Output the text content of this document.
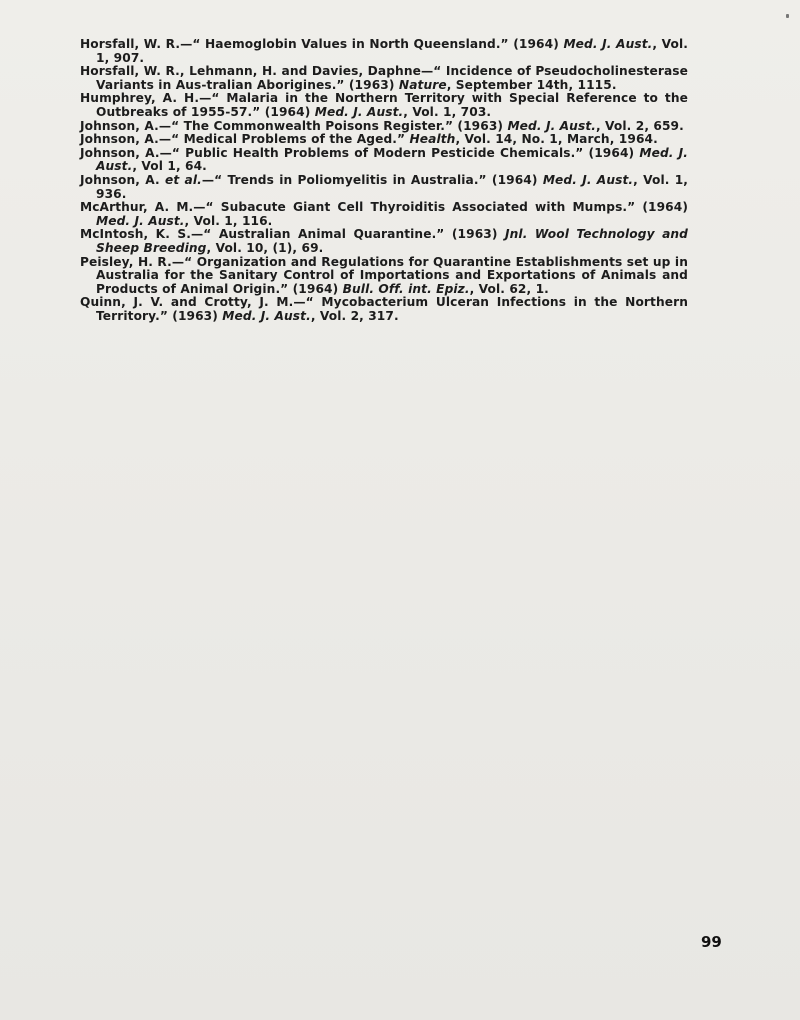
Horsfall, W. R.—“ Haemoglobin Values in North Queensland.” (1964) Med. J. Aust., Vol. 1, 907.
Horsfall, W. R., Lehmann, H. and Davies, Daphne—“ Incidence of Pseudocholinesterase Variants in Aus-tralian Aborigines.” (1963) Nature, September 14th, 1115.
Humphrey, A. H.—“ Malaria in the Northern Territory with Special Reference to the Outbreaks of 1955-57.” (1964) Med. J. Aust., Vol. 1, 703.
Johnson, A.—“ The Commonwealth Poisons Register.” (1963) Med. J. Aust., Vol. 2, 659.
Johnson, A.—“ Medical Problems of the Aged.” Health, Vol. 14, No. 1, March, 1964.
Johnson, A.—“ Public Health Problems of Modern Pesticide Chemicals.” (1964) Med. J. Aust., Vol 1, 64.
Johnson, A. et al.—“ Trends in Poliomyelitis in Australia.” (1964) Med. J. Aust., Vol. 1, 936.
McArthur, A. M.—“ Subacute Giant Cell Thyroiditis Associated with Mumps.” (1964) Med. J. Aust., Vol. 1, 116.
McIntosh, K. S.—“ Australian Animal Quarantine.” (1963) Jnl. Wool Technology and Sheep Breeding, Vol. 10, (1), 69.
Peisley, H. R.—“ Organization and Regulations for Quarantine Establishments set up in Australia for the Sanitary Control of Importations and Exportations of Animals and Products of Animal Origin.” (1964) Bull. Off. int. Epiz., Vol. 62, 1.
Quinn, J. V. and Crotty, J. M.—“ Mycobacterium Ulceran Infections in the Northern Territory.” (1963) Med. J. Aust., Vol. 2, 317.
99
